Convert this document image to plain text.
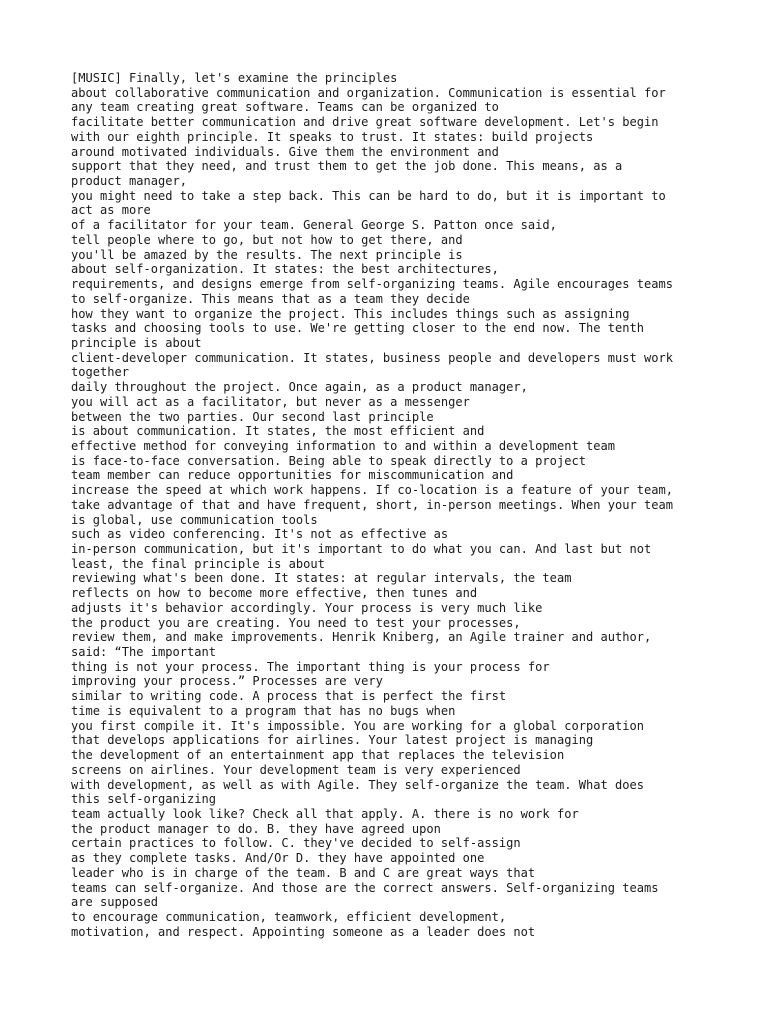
[MUSIC] Finally, let's examine the principles
about collaborative communication and organization. Communication is essential for
any team creating great software. Teams can be organized to
facilitate better communication and drive great software development. Let's begin
with our eighth principle. It speaks to trust. It states: build projects
around motivated individuals. Give them the environment and
support that they need, and trust them to get the job done. This means, as a
product manager,
you might need to take a step back. This can be hard to do, but it is important to
act as more
of a facilitator for your team. General George S. Patton once said,
tell people where to go, but not how to get there, and
you'll be amazed by the results. The next principle is
about self-organization. It states: the best architectures,
requirements, and designs emerge from self-organizing teams. Agile encourages teams
to self-organize. This means that as a team they decide
how they want to organize the project. This includes things such as assigning
tasks and choosing tools to use. We're getting closer to the end now. The tenth
principle is about
client-developer communication. It states, business people and developers must work
together
daily throughout the project. Once again, as a product manager,
you will act as a facilitator, but never as a messenger
between the two parties. Our second last principle
is about communication. It states, the most efficient and
effective method for conveying information to and within a development team
is face-to-face conversation. Being able to speak directly to a project
team member can reduce opportunities for miscommunication and
increase the speed at which work happens. If co-location is a feature of your team,
take advantage of that and have frequent, short, in-person meetings. When your team
is global, use communication tools
such as video conferencing. It's not as effective as
in-person communication, but it's important to do what you can. And last but not
least, the final principle is about
reviewing what's been done. It states: at regular intervals, the team
reflects on how to become more effective, then tunes and
adjusts it's behavior accordingly. Your process is very much like
the product you are creating. You need to test your processes,
review them, and make improvements. Henrik Kniberg, an Agile trainer and author,
said: “The important
thing is not your process. The important thing is your process for
improving your process.” Processes are very
similar to writing code. A process that is perfect the first
time is equivalent to a program that has no bugs when
you first compile it. It's impossible. You are working for a global corporation
that develops applications for airlines. Your latest project is managing
the development of an entertainment app that replaces the television
screens on airlines. Your development team is very experienced
with development, as well as with Agile. They self-organize the team. What does
this self-organizing
team actually look like? Check all that apply. A. there is no work for
the product manager to do. B. they have agreed upon
certain practices to follow. C. they've decided to self-assign
as they complete tasks. And/Or D. they have appointed one
leader who is in charge of the team. B and C are great ways that
teams can self-organize. And those are the correct answers. Self-organizing teams
are supposed
to encourage communication, teamwork, efficient development,
motivation, and respect. Appointing someone as a leader does not
